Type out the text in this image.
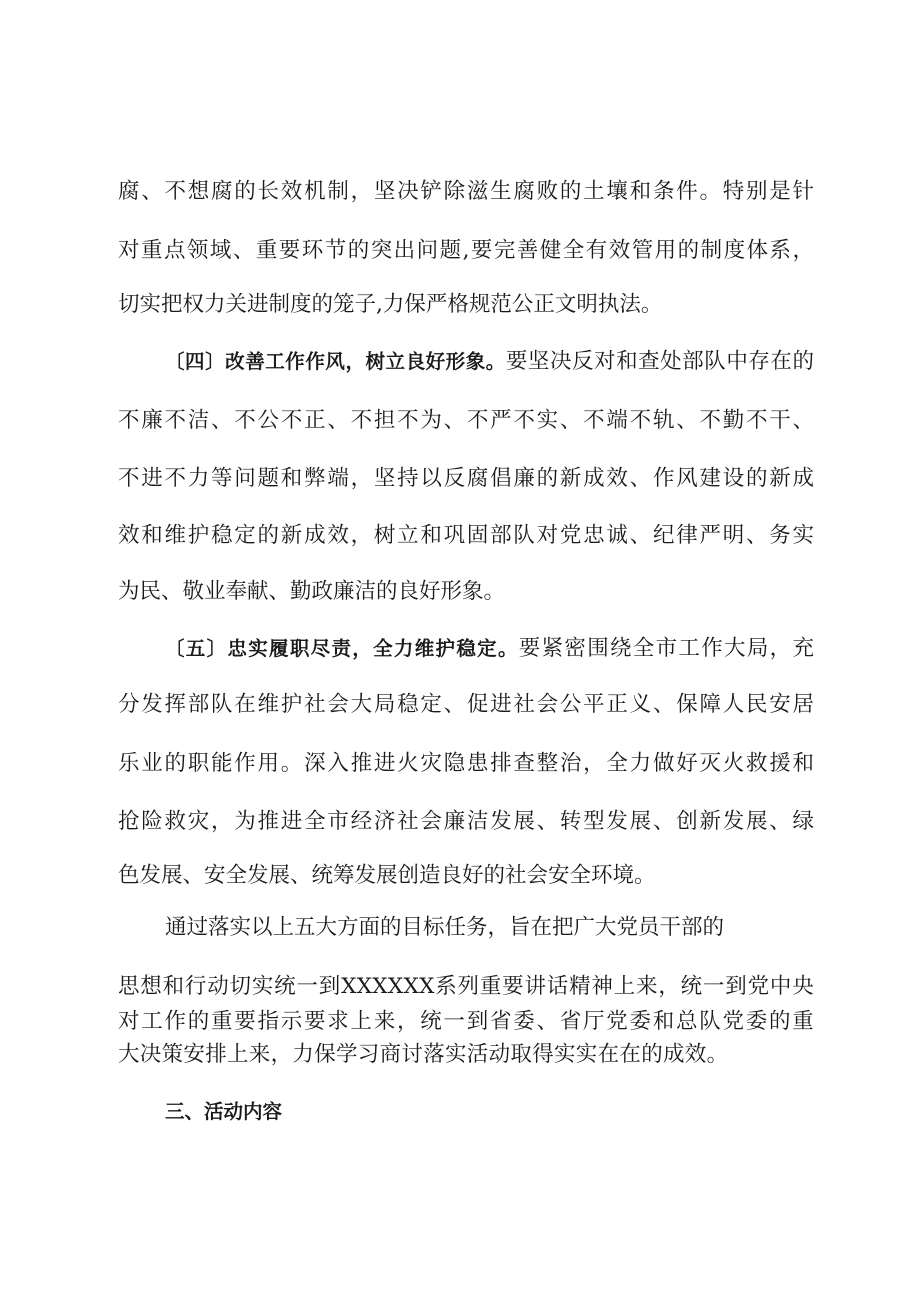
腐、不想腐的长效机制，坚决铲除滋生腐败的土壤和条件。特别是针
对重点领域、重要环节的突出问题,要完善健全有效管用的制度体系，
切实把权力关进制度的笼子,力保严格规范公正文明执法。
〔四〕改善工作作风，树立良好形象。要坚决反对和查处部队中存在的
不廉不洁、不公不正、不担不为、不严不实、不端不轨、不勤不干、
不进不力等问题和弊端，坚持以反腐倡廉的新成效、作风建设的新成
效和维护稳定的新成效，树立和巩固部队对党忠诚、纪律严明、务实
为民、敬业奉献、勤政廉洁的良好形象。
〔五〕忠实履职尽责，全力维护稳定。要紧密围绕全市工作大局，充
分发挥部队在维护社会大局稳定、促进社会公平正义、保障人民安居
乐业的职能作用。深入推进火灾隐患排查整治，全力做好灭火救援和
抢险救灾，为推进全市经济社会廉洁发展、转型发展、创新发展、绿
色发展、安全发展、统筹发展创造良好的社会安全环境。
通过落实以上五大方面的目标任务，旨在把广大党员干部的
思想和行动切实统一到XXXXXX系列重要讲话精神上来，统一到党中央
对工作的重要指示要求上来，统一到省委、省厅党委和总队党委的重
大决策安排上来，力保学习商讨落实活动取得实实在在的成效。
三、活动内容
